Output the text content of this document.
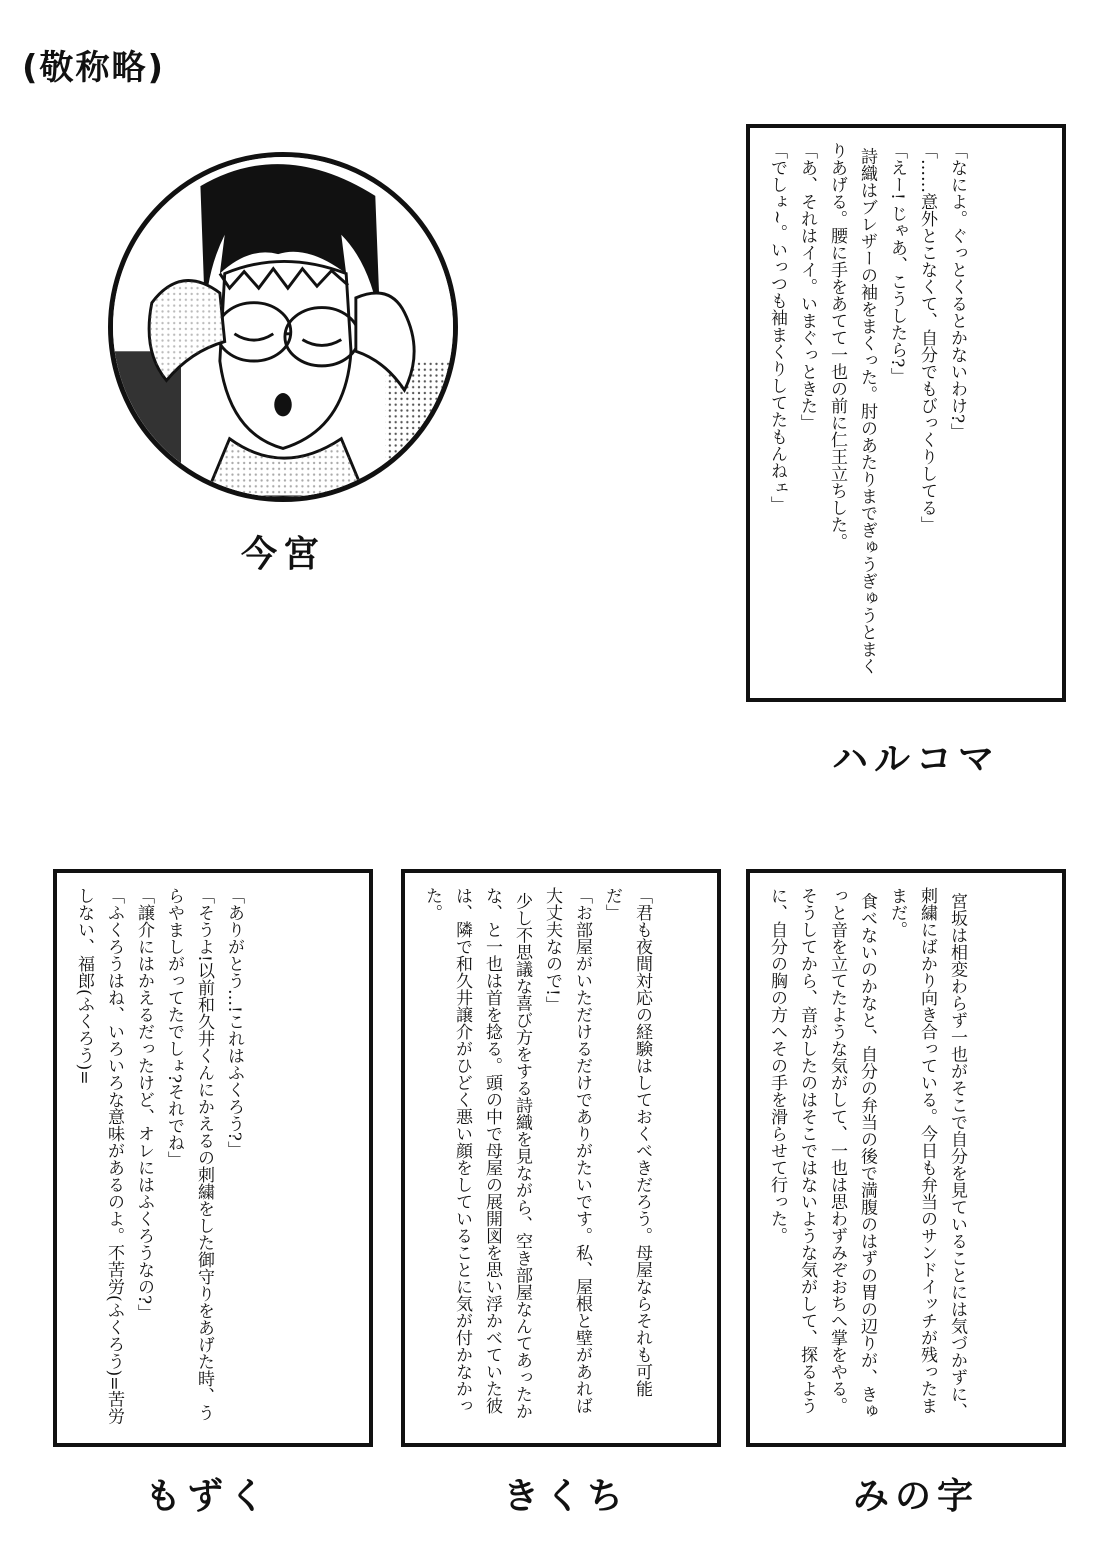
(敬称略)
今宮
「なによ。ぐっとくるとかないわけ?」
「……意外とこなくて、自分でもびっくりしてる」
「えー! じゃあ、こうしたら?」
詩織はブレザーの袖をまくった。肘のあたりまでぎゅうぎゅうとまくりあげる。腰に手をあてて一也の前に仁王立ちした。
「あ、それはイイ。いまぐっときた」
「でしょ~。いっつも袖まくりしてたもんねェ」
ハルコマ
宮坂は相変わらず一也がそこで自分を見ていることには気づかずに、刺繍にばかり向き合っている。今日も弁当のサンドイッチが残ったままだ。
食べないのかなと、自分の弁当の後で満腹のはずの胃の辺りが、きゅっと音を立てたような気がして、一也は思わずみぞおちへ掌をやる。そうしてから、音がしたのはそこではないような気がして、探るように、自分の胸の方へその手を滑らせて行った。
みの字
「君も夜間対応の経験はしておくべきだろう。母屋ならそれも可能だ」
「お部屋がいただけるだけでありがたいです。私、屋根と壁があれば大丈夫なので!」
少し不思議な喜び方をする詩織を見ながら、空き部屋なんてあったかな、と一也は首を捻る。頭の中で母屋の展開図を思い浮かべていた彼は、隣で和久井譲介がひどく悪い顔をしていることに気が付かなかった。
きくち
「ありがとう…!これはふくろう?」
「そうよ!以前和久井くんにかえるの刺繍をした御守りをあげた時、うらやましがってたでしょ?それでね」
「譲介にはかえるだったけど、オレにはふくろうなの?」
「ふくろうはね、いろいろな意味があるのよ。不苦労(ふくろう)=苦労しない、福郎(ふくろう)=
もずく
